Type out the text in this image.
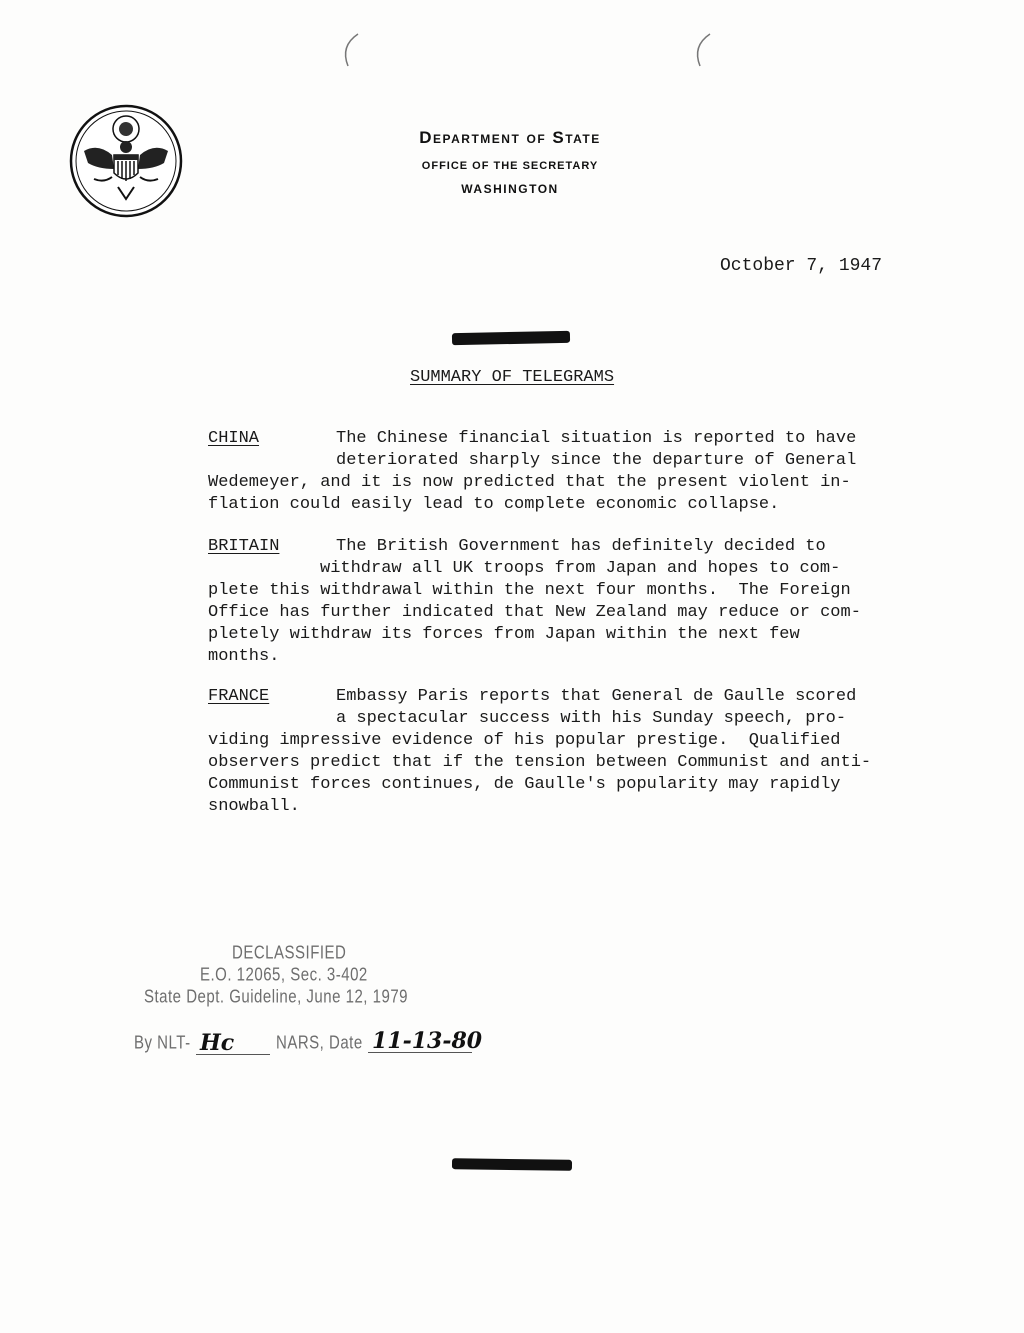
Department of State
OFFICE OF THE SECRETARY
WASHINGTON
October 7, 1947
SUMMARY OF TELEGRAMS
CHINA	The Chinese financial situation is reported to have
deteriorated sharply since the departure of General
Wedemeyer, and it is now predicted that the present violent in-
flation could easily lead to complete economic collapse.
BRITAIN	The British Government has definitely decided to
withdraw all UK troops from Japan and hopes to com-
plete this withdrawal within the next four months.  The Foreign
Office has further indicated that New Zealand may reduce or com-
pletely withdraw its forces from Japan within the next few
months.
FRANCE	Embassy Paris reports that General de Gaulle scored
a spectacular success with his Sunday speech, pro-
viding impressive evidence of his popular prestige.  Qualified
observers predict that if the tension between Communist and anti-
Communist forces continues, de Gaulle's popularity may rapidly
snowball.
DECLASSIFIED
E.O. 12065, Sec. 3-402
State Dept. Guideline, June 12, 1979
By NLT- Hc	NARS, Date 11-13-80
